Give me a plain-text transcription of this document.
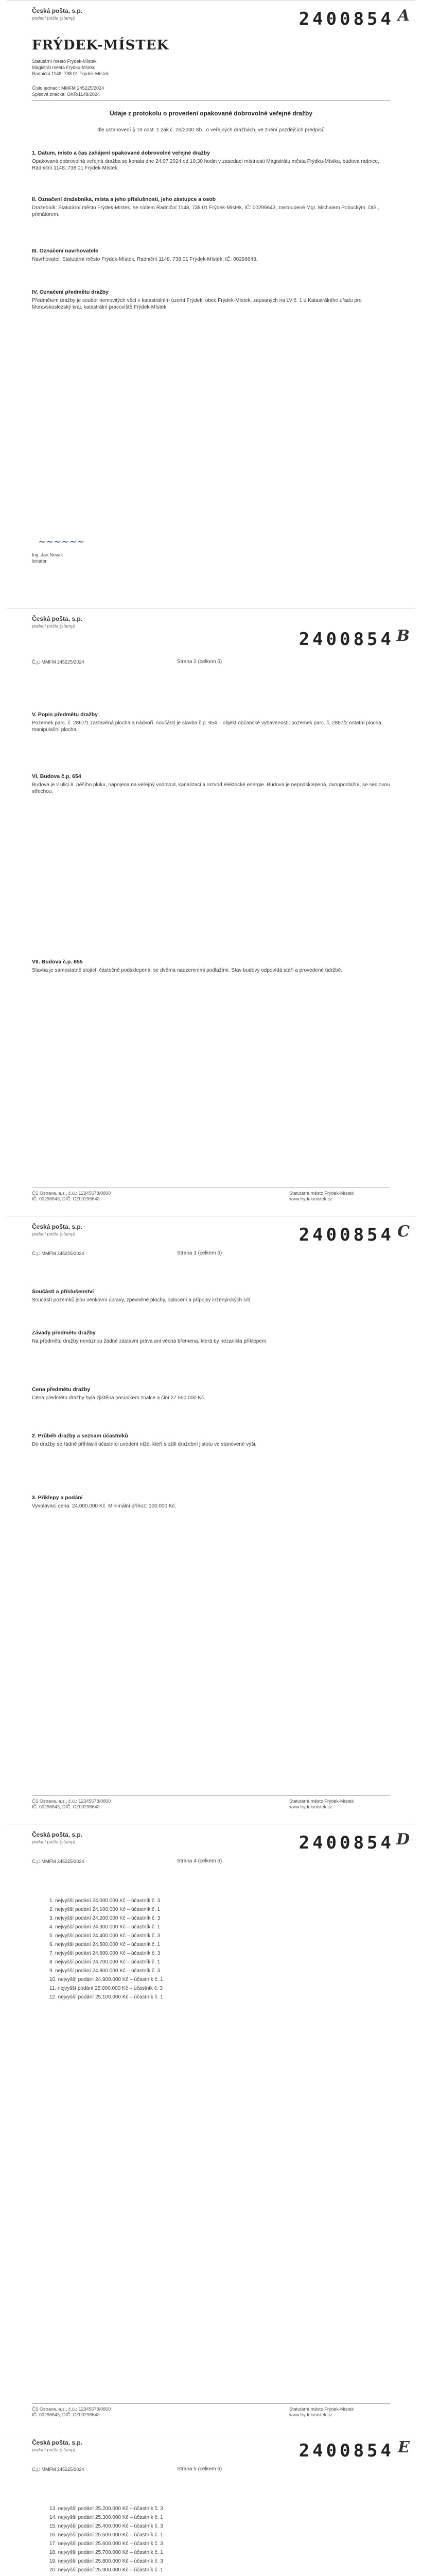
Česká pošta, s.p.
podací pošta (stamp)	2400854 A
FRÝDEK-MÍSTEK
Statutární město Frýdek-Místek
Magistrát města Frýdku-Místku
Radniční 1148, 738 01 Frýdek-Místek
Číslo jednací: MMFM 245225/2024
Spisová značka: OKR/1148/2024
Údaje z protokolu o provedení opakované dobrovolné veřejné dražby
dle ustanovení § 19 odst. 1 zák.č. 26/2000 Sb., o veřejných dražbách, ve znění pozdějších předpisů
1. Datum, místo a čas zahájení opakované dobrovolné veřejné dražby
Opakovaná dobrovolná veřejná dražba se konala dne 24.07.2024 od 10:30 hodin v zasedací místnosti Magistrátu města Frýdku-Místku, budova radnice, Radniční 1148, 738 01 Frýdek-Místek.
II. Označení dražebníka, místa a jeho příslušnosti, jeho zástupce a osob
Dražebník: Statutární město Frýdek-Místek, se sídlem Radniční 1148, 738 01 Frýdek-Místek, IČ: 00296643, zastoupené Mgr. Michalem Pobuckým, DiS., primátorem.
III. Označení navrhovatele
Navrhovatel: Statutární město Frýdek-Místek, Radniční 1148, 738 01 Frýdek-Místek, IČ: 00296643.
IV. Označení předmětu dražby
Předmětem dražby je soubor nemovitých věcí v katastrálním území Frýdek, obec Frýdek-Místek, zapsaných na LV č. 1 u Katastrálního úřadu pro Moravskoslezský kraj, katastrální pracoviště Frýdek-Místek.
~~~~~~
Ing. Jan Novák
licitátor
Česká pošta, s.p.
podací pošta (stamp)
2400854 B
Č.j.: MMFM 245225/2024	Strana 2 (celkem 6)
V. Popis předmětu dražby
Pozemek parc. č. 2867/1 zastavěná plocha a nádvoří, součástí je stavba č.p. 654 – objekt občanské vybavenosti; pozemek parc. č. 2867/2 ostatní plocha, manipulační plocha.
VI. Budova č.p. 654
Budova je v ulici 8. pěšího pluku, napojena na veřejný vodovod, kanalizaci a rozvod elektrické energie. Budova je nepodsklepená, dvoupodlažní, se sedlovou střechou.
VII. Budova č.p. 655
Stavba je samostatně stojící, částečně podsklepená, se dvěma nadzemními podlažími. Stav budovy odpovídá stáří a provedené údržbě.
ČS Ostrava, a.s., č.ú.: 12345678/0800
IČ: 00296643, DIČ: CZ00296643
Statutární město Frýdek-Místek
www.frydekmistek.cz
Česká pošta, s.p.
podací pošta (stamp)	2400854 C
Č.j.: MMFM 245225/2024	Strana 3 (celkem 6)
Součásti a příslušenství
Součástí pozemků jsou venkovní úpravy, zpevněné plochy, oplocení a přípojky inženýrských sítí.
Závady předmětu dražby
Na předmětu dražby neváznou žádné zástavní práva ani věcná břemena, která by nezanikla příklepem.
Cena předmětu dražby
Cena předmětu dražby byla zjištěna posudkem znalce a činí 27.550.000 Kč.
2. Průběh dražby a seznam účastníků
Do dražby se řádně přihlásili účastníci uvedení níže, kteří složili dražební jistotu ve stanovené výši.
3. Příklepy a podání
Vyvolávací cena: 24.000.000 Kč. Minimální příhoz: 100.000 Kč.
ČS Ostrava, a.s., č.ú.: 12345678/0800
IČ: 00296643, DIČ: CZ00296643
Statutární město Frýdek-Místek
www.frydekmistek.cz
Česká pošta, s.p.
podací pošta (stamp)	2400854 D
Č.j.: MMFM 245225/2024	Strana 4 (celkem 6)
1. nejvyšší podání 24.000.000 Kč – účastník č. 3
2. nejvyšší podání 24.100.000 Kč – účastník č. 1
3. nejvyšší podání 24.200.000 Kč – účastník č. 3
4. nejvyšší podání 24.300.000 Kč – účastník č. 1
5. nejvyšší podání 24.400.000 Kč – účastník č. 3
6. nejvyšší podání 24.500.000 Kč – účastník č. 1
7. nejvyšší podání 24.600.000 Kč – účastník č. 3
8. nejvyšší podání 24.700.000 Kč – účastník č. 1
9. nejvyšší podání 24.800.000 Kč – účastník č. 3
10. nejvyšší podání 24.900.000 Kč – účastník č. 1
11. nejvyšší podání 25.000.000 Kč – účastník č. 3
12. nejvyšší podání 25.100.000 Kč – účastník č. 1
ČS Ostrava, a.s., č.ú.: 12345678/0800
IČ: 00296643, DIČ: CZ00296643
Statutární město Frýdek-Místek
www.frydekmistek.cz
Česká pošta, s.p.
podací pošta (stamp)	2400854 E
Č.j.: MMFM 245225/2024	Strana 5 (celkem 6)
13. nejvyšší podání 25.200.000 Kč – účastník č. 3
14. nejvyšší podání 25.300.000 Kč – účastník č. 1
15. nejvyšší podání 25.400.000 Kč – účastník č. 3
16. nejvyšší podání 25.500.000 Kč – účastník č. 1
17. nejvyšší podání 25.600.000 Kč – účastník č. 3
18. nejvyšší podání 25.700.000 Kč – účastník č. 1
19. nejvyšší podání 25.800.000 Kč – účastník č. 3
20. nejvyšší podání 25.900.000 Kč – účastník č. 1
